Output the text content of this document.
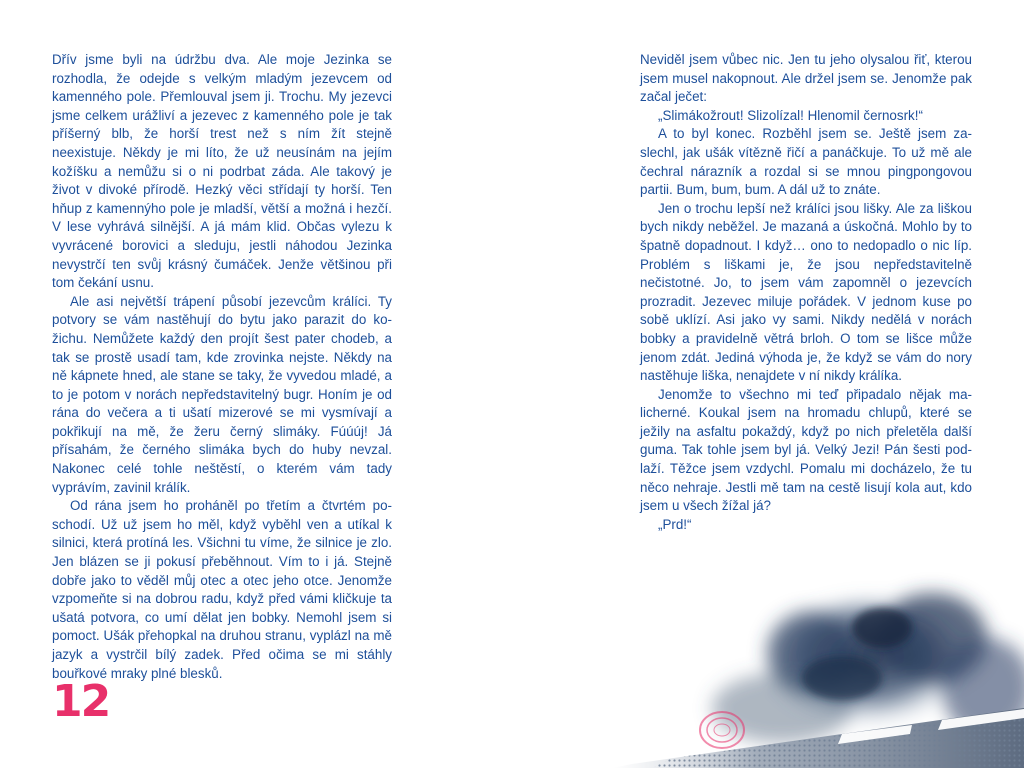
Dřív jsme byli na údržbu dva. Ale moje Jezinka se rozhodla, že odejde s velkým mladým jezevcem od kamenného pole. Přemlouval jsem ji. Trochu. My jezevci jsme celkem urážliví a jezevec z kamenného pole je tak příšerný blb, že horší trest než s ním žít stejně neexistuje. Někdy je mi líto, že už neusínám na jejím kožíšku a nemůžu si o ni podrbat záda. Ale takový je život v divoké přírodě. Hezký věci střídají ty horší. Ten hňup z kamennýho pole je mladší, větší a možná i hezčí. V lese vyhrává silnější. A já mám klid. Občas vylezu k vyvrácené borovici a sleduju, jestli náhodou Jezinka nevystrčí ten svůj krásný čumáček. Jenže většinou při tom čekání usnu.

Ale asi největší trápení působí jezevcům králíci. Ty potvory se vám nastěhují do bytu jako parazit do kožichu. Nemůžete každý den projít šest pater chodeb, a tak se prostě usadí tam, kde zrovinka nejste. Někdy na ně kápnete hned, ale stane se taky, že vyvedou mladé, a to je potom v norách nepředstavitelný bugr. Honím je od rána do večera a ti ušatí mizerové se mi vysmívají a pokřikují na mě, že žeru černý slimáky. Fúúúj! Já přísahám, že černého slimáka bych do huby nevzal. Nakonec celé tohle neštěstí, o kterém vám tady vyprávím, zavinil králík.

Od rána jsem ho proháněl po třetím a čtvrtém poschodí. Už už jsem ho měl, když vyběhl ven a utíkal k silnici, která protíná les. Všichni tu víme, že silnice je zlo. Jen blázen se ji pokusí přeběhnout. Vím to i já. Stejně dobře jako to věděl můj otec a otec jeho otce. Jenomže vzpomeňte si na dobrou radu, když před vámi kličkuje ta ušatá potvora, co umí dělat jen bobky. Nemohl jsem si pomoct. Ušák přehopkal na druhou stranu, vyplázl na mě jazyk a vystrčil bílý zadek. Před očima se mi stáhly bouřkové mraky plné blesků.

12

Neviděl jsem vůbec nic. Jen tu jeho olysalou řiť, kterou jsem musel nakopnout. Ale držel jsem se. Jenomže pak začal ječet:

„Slimákožrout! Slizolízal! Hlenomil černosrk!“

A to byl konec. Rozběhl jsem se. Ještě jsem zaslechl, jak ušák vítězně řičí a panáčkuje. To už mě ale čechral nárazník a rozdal si se mnou pingpongovou partii. Bum, bum, bum. A dál už to znáte.

Jen o trochu lepší než králíci jsou lišky. Ale za liškou bych nikdy neběžel. Je mazaná a úskočná. Mohlo by to špatně dopadnout. I když… ono to nedopadlo o nic líp. Problém s liškami je, že jsou nepředstavitelně nečistotné. Jo, to jsem vám zapomněl o jezevcích prozradit. Jezevec miluje pořádek. V jednom kuse po sobě uklízí. Asi jako vy sami. Nikdy nedělá v norách bobky a pravidelně větrá brloh. O tom se lišce může jenom zdát. Jediná výhoda je, že když se vám do nory nastěhuje liška, nenajdete v ní nikdy králíka.

Jenomže to všechno mi teď připadalo nějak malicherné. Koukal jsem na hromadu chlupů, které se ježily na asfaltu pokaždý, když po nich přeletěla další guma. Tak tohle jsem byl já. Velký Jezi! Pán šesti podlaží. Těžce jsem vzdychl. Pomalu mi docházelo, že tu něco nehraje. Jestli mě tam na cestě lisují kola aut, kdo jsem u všech žížal já?

„Prd!“
